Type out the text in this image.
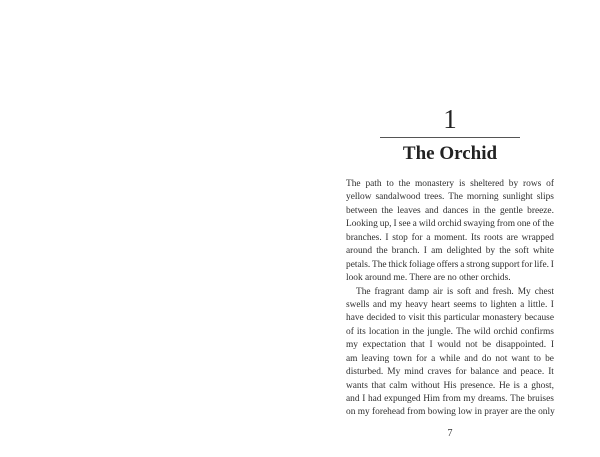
1
The Orchid
The path to the monastery is sheltered by rows of
yellow sandalwood trees. The morning sunlight slips
between the leaves and dances in the gentle breeze.
Looking up, I see a wild orchid swaying from one of the
branches. I stop for a moment. Its roots are wrapped
around the branch. I am delighted by the soft white
petals. The thick foliage offers a strong support for life. I
look around me. There are no other orchids.
The fragrant damp air is soft and fresh. My chest
swells and my heavy heart seems to lighten a little. I
have decided to visit this particular monastery because
of its location in the jungle. The wild orchid confirms
my expectation that I would not be disappointed. I
am leaving town for a while and do not want to be
disturbed. My mind craves for balance and peace. It
wants that calm without His presence. He is a ghost,
and I had expunged Him from my dreams. The bruises
on my forehead from bowing low in prayer are the only
7
